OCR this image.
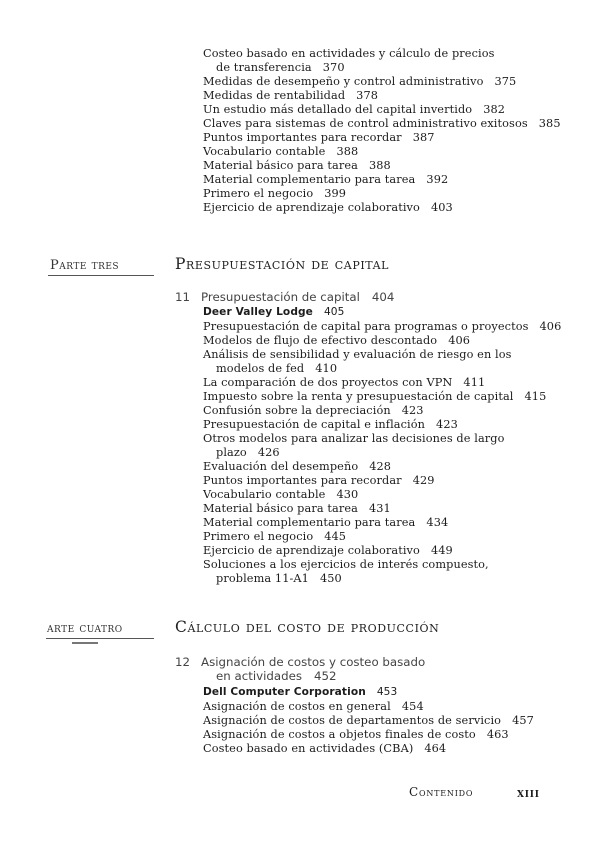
Costeo basado en actividades y cálculo de precios
de transferencia 370
Medidas de desempeño y control administrativo 375
Medidas de rentabilidad 378
Un estudio más detallado del capital invertido 382
Claves para sistemas de control administrativo exitosos 385
Puntos importantes para recordar 387
Vocabulario contable 388
Material básico para tarea 388
Material complementario para tarea 392
Primero el negocio 399
Ejercicio de aprendizaje colaborativo 403
Parte tres	Presupuestación de capital
11 Presupuestación de capital 404
Deer Valley Lodge 405
Presupuestación de capital para programas o proyectos 406
Modelos de flujo de efectivo descontado 406
Análisis de sensibilidad y evaluación de riesgo en los
modelos de fed 410
La comparación de dos proyectos con VPN 411
Impuesto sobre la renta y presupuestación de capital 415
Confusión sobre la depreciación 423
Presupuestación de capital e inflación 423
Otros modelos para analizar las decisiones de largo
plazo 426
Evaluación del desempeño 428
Puntos importantes para recordar 429
Vocabulario contable 430
Material básico para tarea 431
Material complementario para tarea 434
Primero el negocio 445
Ejercicio de aprendizaje colaborativo 449
Soluciones a los ejercicios de interés compuesto,
problema 11-A1 450
arte cuatro	Cálculo del costo de producción
12 Asignación de costos y costeo basado
en actividades 452
Dell Computer Corporation 453
Asignación de costos en general 454
Asignación de costos de departamentos de servicio 457
Asignación de costos a objetos finales de costo 463
Costeo basado en actividades (CBA) 464
Contenido	xiii
